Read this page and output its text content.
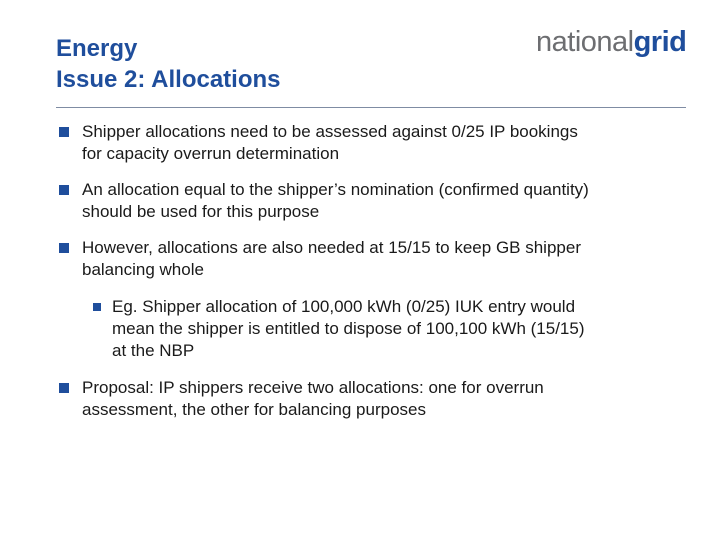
Energy
Issue 2: Allocations
nationalgrid
Shipper allocations need to be assessed against 0/25 IP bookings
for capacity overrun determination
An allocation equal to the shipper’s nomination (confirmed quantity)
should be used for this purpose
However, allocations are also needed at 15/15 to keep GB shipper
balancing whole
Eg. Shipper allocation of 100,000 kWh (0/25) IUK entry would
mean the shipper is entitled to dispose of 100,100 kWh (15/15)
at the NBP
Proposal: IP shippers receive two allocations: one for overrun
assessment, the other for balancing purposes
